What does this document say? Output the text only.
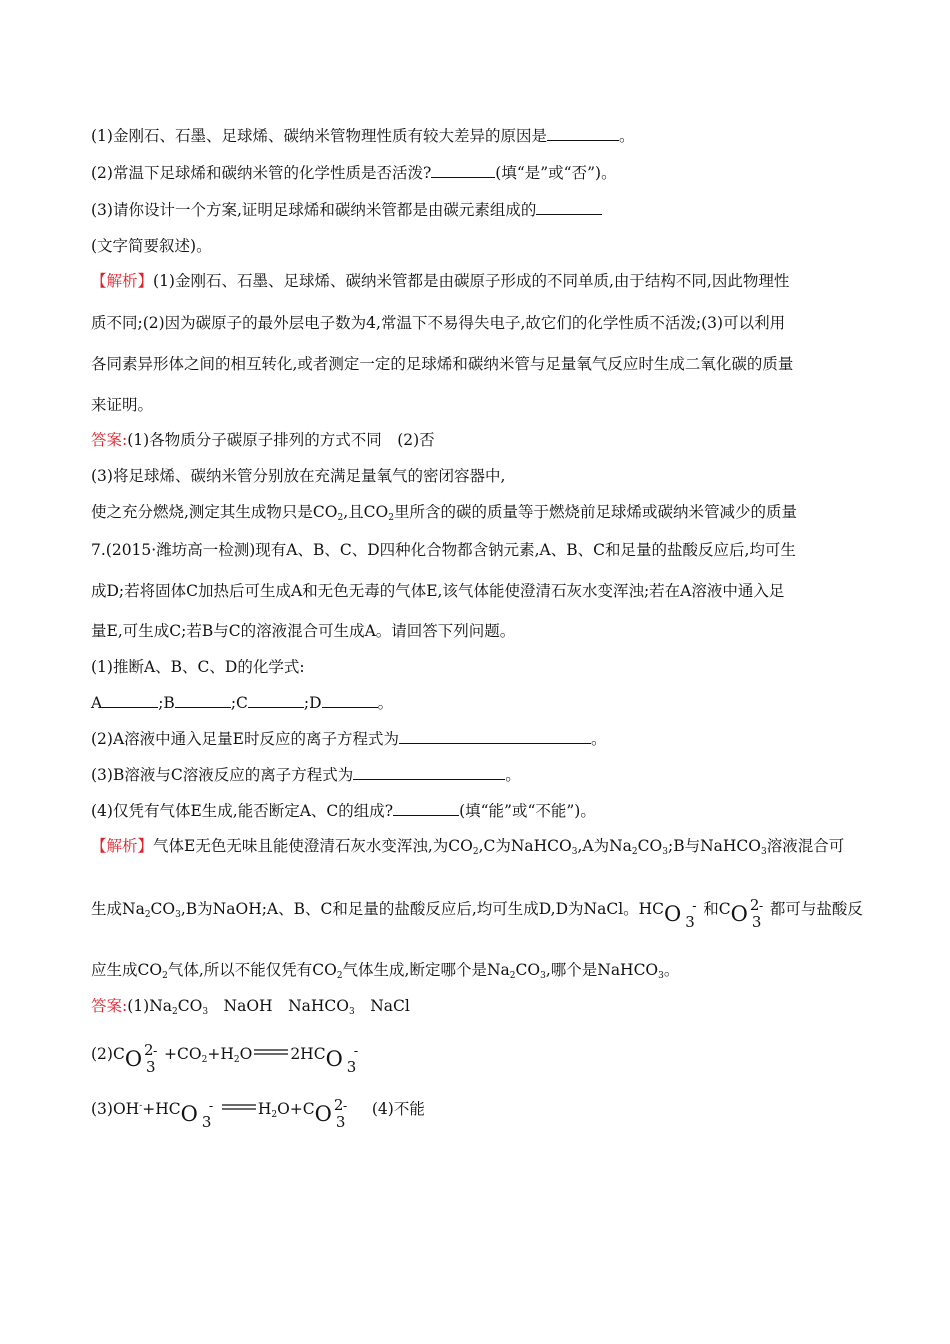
(1)金刚石、石墨、足球烯、碳纳米管物理性质有较大差异的原因是	。
(2)常温下足球烯和碳纳米管的化学性质是否活泼?	(填“是”或“否”)。
(3)请你设计一个方案,证明足球烯和碳纳米管都是由碳元素组成的
(文字简要叙述)。
【解析】(1)金刚石、石墨、足球烯、碳纳米管都是由碳原子形成的不同单质,由于结构不同,因此物理性
质不同;(2)因为碳原子的最外层电子数为4,常温下不易得失电子,故它们的化学性质不活泼;(3)可以利用
各同素异形体之间的相互转化,或者测定一定的足球烯和碳纳米管与足量氧气反应时生成二氧化碳的质量
来证明。
答案:(1)各物质分子碳原子排列的方式不同　(2)否
(3)将足球烯、碳纳米管分别放在充满足量氧气的密闭容器中,
使之充分燃烧,测定其生成物只是$CO_2$,且$CO_2$里所含的碳的质量等于燃烧前足球烯或碳纳米管减少的质量
7.(2015·潍坊高一检测)现有A、B、C、D四种化合物都含钠元素,A、B、C和足量的盐酸反应后,均可生
成D;若将固体C加热后可生成A和无色无毒的气体E,该气体能使澄清石灰水变浑浊;若在A溶液中通入足
量E,可生成C;若B与C的溶液混合可生成A。请回答下列问题。
(1)推断A、B、C、D的化学式:
A	;B	;C	;D	。
(2)A溶液中通入足量E时反应的离子方程式为	。
(3)B溶液与C溶液反应的离子方程式为	。
(4)仅凭有气体E生成,能否断定A、C的组成?	(填“能”或“不能”)。
【解析】气体E无色无味且能使澄清石灰水变浑浊,为$CO_2,C$为NaHCO$_3$,A为$Na_2CO_3;B$与NaHCO$_3$溶液混合可
生成$Na_2CO_3,B$为NaOH;A、B、C和足量的盐酸反应后,均可生成D,D为NaCl。HCO 3
- 和CO 2
3
- 都可与盐酸反
应生成$CO_2$气体,所以不能仅凭有$CO_2$气体生成,断定哪个是$Na_2CO_3$,哪个是NaHCO$_3$。
答案$:(1)Na_2CO_3$　NaOH　NaHCO$_3$　NaCl
(2)CO 2
3
- $+CO_2+H_2O$ 2HCO 3
-
(3)OH-+HCO 3
-	$H_2O+CO$ 2
3
- (4)不能
